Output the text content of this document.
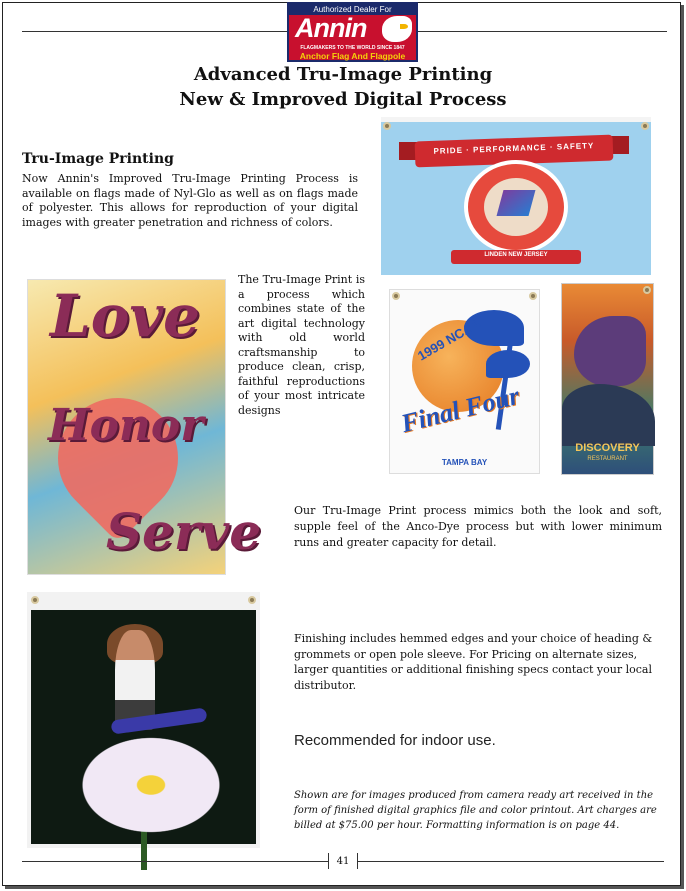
Authorized Dealer For
Annin
FLAGMAKERS TO THE WORLD SINCE 1847
Anchor Flag And Flagpole
Advanced Tru-Image Printing
New & Improved Digital Process
Tru-Image Printing
Now Annin's Improved Tru-Image Printing Process is available on flags made of Nyl-Glo as well as on flags made of polyester. This allows for reproduction of your digital images with greater penetration and richness of colors.
PRIDE · PERFORMANCE · SAFETY
LINDEN NEW JERSEY
Love
Honor
Serve
The Tru-Image Print is a process which combines state of the art digital technology with old world craftsmanship to produce clean, crisp, faithful reproductions of your most intricate designs
1999 NCAA
Final Four
TAMPA BAY
DISCOVERY
RESTAURANT
Our Tru-Image Print process mimics both the look and soft, supple feel of the Anco-Dye process but with lower minimum runs and greater capacity for detail.
Finishing includes hemmed edges and your choice of heading & grommets or open pole sleeve. For Pricing on alternate sizes, larger quantities or additional finishing specs contact your local distributor.
Recommended for indoor use.
Shown are for images produced from camera ready art received in the form of finished digital graphics file and color printout. Art charges are billed at $75.00 per hour. Formatting information is on page 44.
41
